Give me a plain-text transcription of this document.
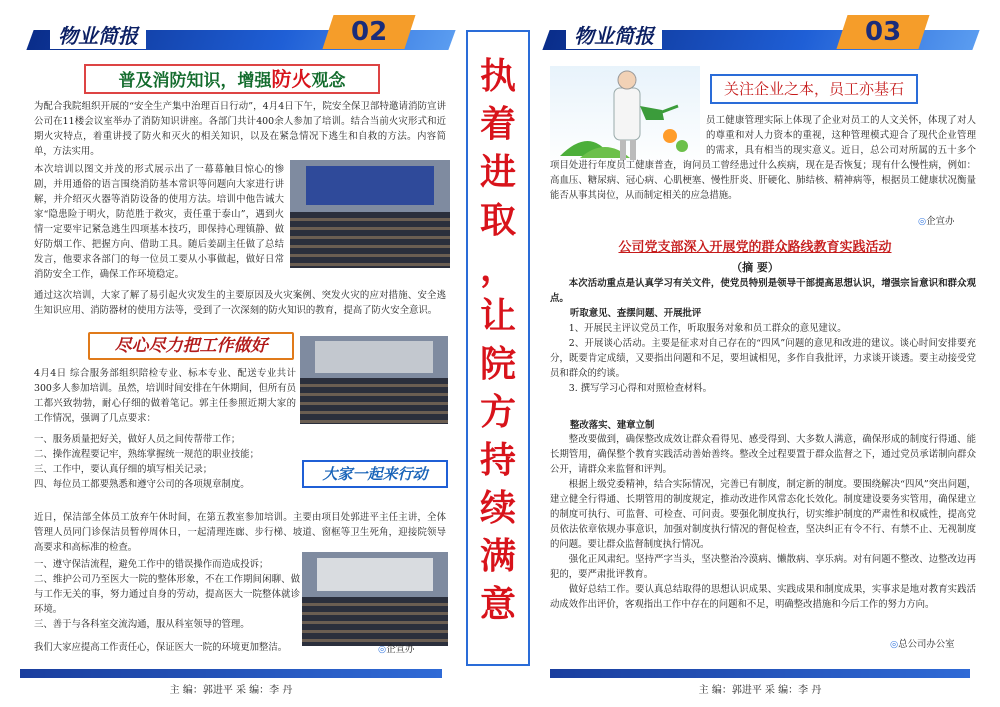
物业简报	02
普及消防知识，增强防火观念
为配合我院组织开展的“安全生产集中治理百日行动”，4月4日下午，院安全保卫部特邀请消防宣讲公司在11楼会议室举办了消防知识讲座。各部门共计400余人参加了培训。结合当前火灾形式和近期火灾特点，着重讲授了防火和灭火的相关知识，以及在紧急情况下逃生和自救的方法。内容简单，方法实用。
本次培训以图文并茂的形式展示出了一幕幕触目惊心的惨剧，并用通俗的语言围绕消防基本常识等问题向大家进行讲解，并介绍灭火器等消防设备的使用方法。培训中他告诫大家“隐患险于明火，防范胜于救灾，责任重于泰山”，遇到火情一定要牢记紧急逃生四项基本技巧，即保持心理镇静、做好防烟工作、把握方向、借助工具。随后姜副主任做了总结发言，他要求各部门的每一位员工要从小事做起，做好日常消防安全工作，确保工作环境稳定。
通过这次培训，大家了解了易引起火灾发生的主要原因及火灾案例、突发火灾的应对措施、安全逃生知识应用、消防器材的使用方法等，受到了一次深刻的防火知识的教育，提高了防火安全意识。
尽心尽力把工作做好
4月4日 综合服务部组织陪检专业、标本专业、配送专业共计300多人参加培训。虽然，培训时间安排在午休期间，但所有员工都兴致勃勃，耐心仔细的做着笔记。郭主任参照近期大家的工作情况，强调了几点要求：
一、服务质量把好关，做好人员之间传帮带工作；
二、操作流程要记牢，熟练掌握统一规范的职业技能；
三、工作中，要认真仔细的填写相关记录；
四、每位员工都要熟悉和遵守公司的各项规章制度。
大家一起来行动
近日，保洁部全体员工放弃午休时间，在第五教室参加培训。主要由项目处郭进平主任主讲，全体管理人员同门诊保洁员暂停周休日，一起清理连廊、步行梯、坡道、窗框等卫生死角，迎接院领导高要求和高标准的检查。
一、遵守保洁流程，避免工作中的错误操作而造成投诉；
二、维护公司乃至医大一院的整体形象，不在工作期间闲聊、做与工作无关的事，努力通过自身的劳动，提高医大一院整体就诊环境。
三、善于与各科室交流沟通，服从科室领导的管理。
我们大家应提高工作责任心，保证医大一院的环境更加整洁。	◎企宣办
主 编：郭进平 采 编：李 丹
执
着
进
取
，
让
院
方
持
续
满
意
物业简报	03
关注企业之本，员工亦基石
员工健康管理实际上体现了企业对员工的人文关怀，体现了对人的尊重和对人力资本的重视，这种管理模式迎合了现代企业管理的需求，具有相当的现实意义。近日，总公司对所属的五十多个项目处进行年度员工健康普查，询问员工曾经患过什么疾病，现在是否恢复；现有什么慢性病，例如：高血压、糖尿病、冠心病、心肌梗塞、慢性肝炎、肝硬化、肺结核、精神病等，根据员工健康状况衡量能否从事其岗位，从而制定相关的应急措施。
◎企宣办
公司党支部深入开展党的群众路线教育实践活动
（摘 要）
本次活动重点是认真学习有关文件，使党员特别是领导干部提高思想认识，增强宗旨意识和群众观点。
听取意见、查摆问题、开展批评
1、开展民主评议党员工作，听取服务对象和员工群众的意见建议。
2、开展谈心活动。主要是征求对自己存在的“四风”问题的意见和改进的建议。谈心时间安排要充分，既要肯定成绩，又要指出问题和不足，要坦诚相见，多作自我批评，力求谈开谈透。要主动接受党员和群众的约谈。
3. 撰写学习心得和对照检查材料。
整改落实、建章立制
整改要做到，确保整改成效让群众看得见、感受得到、大多数人满意，确保形成的制度行得通、能长期管用，确保整个教育实践活动善始善终。整改全过程要置于群众监督之下，通过党员承诺制向群众公开，请群众来监督和评判。
根据上级党委精神，结合实际情况，完善已有制度，制定新的制度。要围绕解决“四风”突出问题，建立健全行得通、长期管用的制度规定，推动改进作风常态化长效化。制度建设要务实管用，确保建立的制度可执行、可监督、可检查、可问责。要强化制度执行，切实维护制度的严肃性和权威性，提高党员依法依章依规办事意识，加强对制度执行情况的督促检查，坚决纠正有令不行、有禁不止、无视制度的问题。要让群众监督制度执行情况。
强化正风肃纪。坚持严字当头，坚决整治冷漠病、懒散病、享乐病。对有问题不整改、边整改边再犯的，要严肃批评教育。
做好总结工作。要认真总结取得的思想认识成果、实践成果和制度成果，实事求是地对教育实践活动成效作出评价，客观指出工作中存在的问题和不足，明确整改措施和今后工作的努力方向。
◎总公司办公室
主 编：郭进平 采 编：李 丹
